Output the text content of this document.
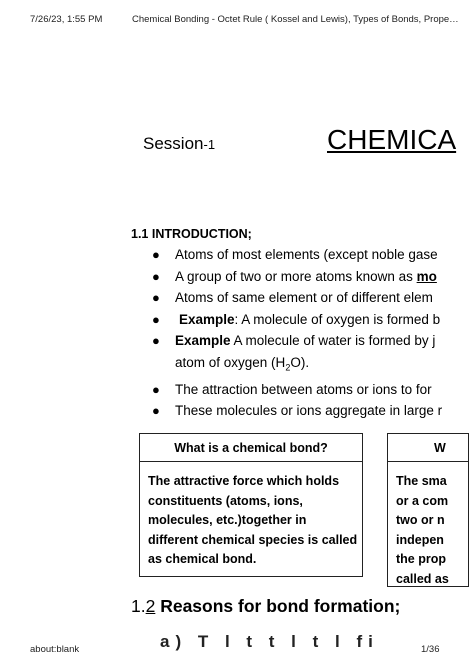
7/26/23, 1:55 PM	Chemical Bonding - Octet Rule ( Kossel and Lewis), Types of Bonds, Prope…
Session-1	CHEMICA
1.1 INTRODUCTION;
● Atoms of most elements (except noble gase
● A group of two or more atoms known as mo
● Atoms of same element or of different elem
● Example: A molecule of oxygen is formed b
● Example A molecule of water is formed by j
atom of oxygen $(H_2O)$.
● The attraction between atoms or ions to for
● These molecules or ions aggregate in large r
What is a chemical bond?
The attractive force which holds
constituents (atoms, ions,
molecules, etc.)together in
different chemical species is called
as chemical bond.
W
The sma
or a com
two or n
indepen
the prop
called as
1.2 Reasons for bond formation;
a) T l t t l t l fi
about:blank	1/36
